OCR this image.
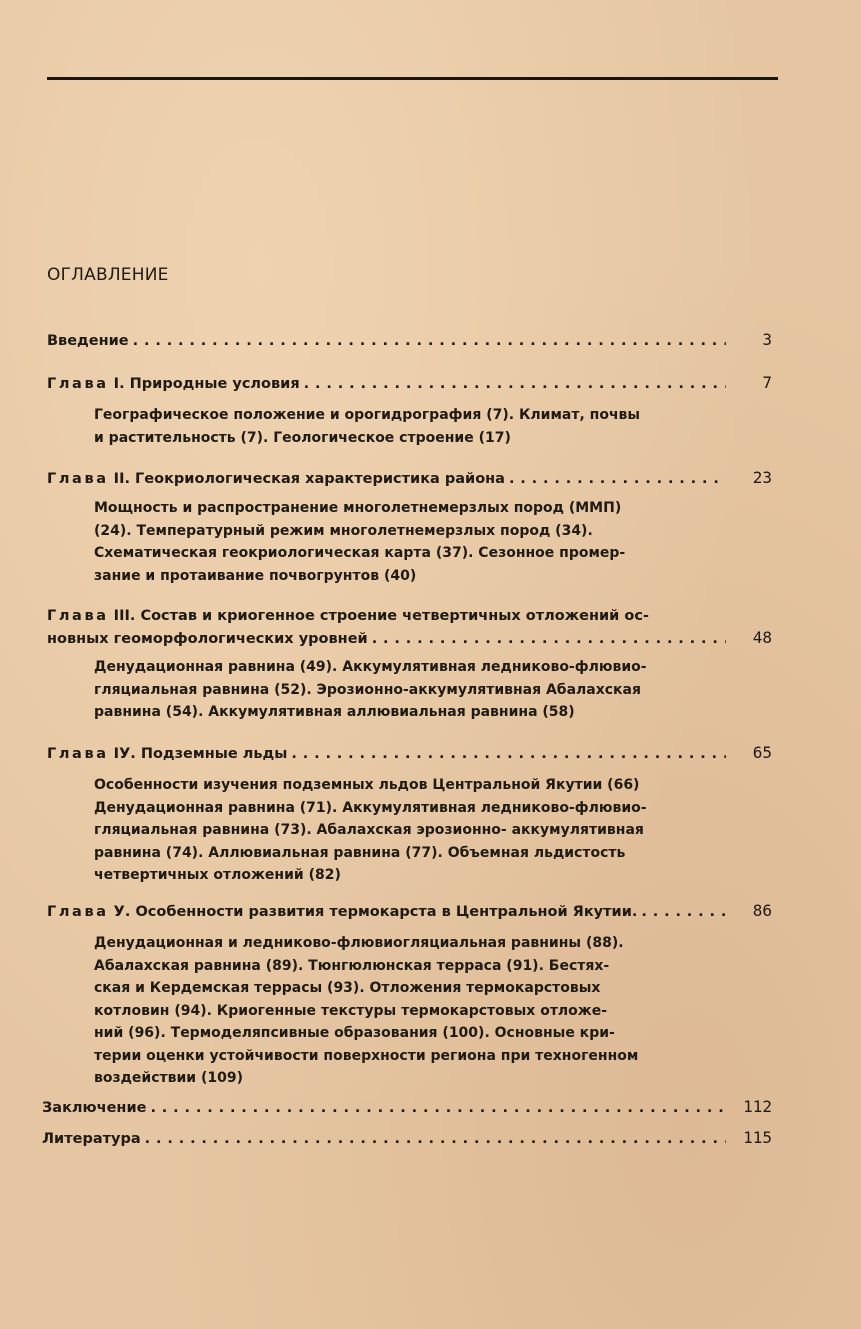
ОГЛАВЛЕНИЕ
Введение . . .	3
Глава I. Природные условия . . .	7
Географическое положение и орогидрография (7). Климат, почвы
и растительность (7). Геологическое строение (17)
Глава II. Геокриологическая характеристика района . . .	23
Мощность и распространение многолетнемерзлых пород (ММП)
(24). Температурный режим многолетнемерзлых пород (34).
Схематическая геокриологическая карта (37). Сезонное промер-
зание и протаивание почвогрунтов (40)
Глава III. Состав и криогенное строение четвертичных отложений ос-
новных геоморфологических уровней . . .	48
Денудационная равнина (49). Аккумулятивная ледниково-флювио-
гляциальная равнина (52). Эрозионно-аккумулятивная Абалахская
равнина (54). Аккумулятивная аллювиальная равнина (58)
Глава IУ. Подземные льды . . .	65
Особенности изучения подземных льдов Центральной Якутии (66)
Денудационная равнина (71). Аккумулятивная ледниково-флювио-
гляциальная равнина (73). Абалахская эрозионно- аккумулятивная
равнина (74). Аллювиальная равнина (77). Объемная льдистость
четвертичных отложений (82)
Глава У. Особенности развития термокарста в Центральной Якутии. . . .	86
Денудационная и ледниково-флювиогляциальная равнины (88).
Абалахская равнина (89). Тюнгюлюнская терраса (91). Бестях-
ская и Кердемская террасы (93). Отложения термокарстовых
котловин (94). Криогенные текстуры термокарстовых отложе-
ний (96). Термоделяпсивные образования (100). Основные кри-
терии оценки устойчивости поверхности региона при техногенном
воздействии (109)
Заключение . . .	112
Литература . . .	115
